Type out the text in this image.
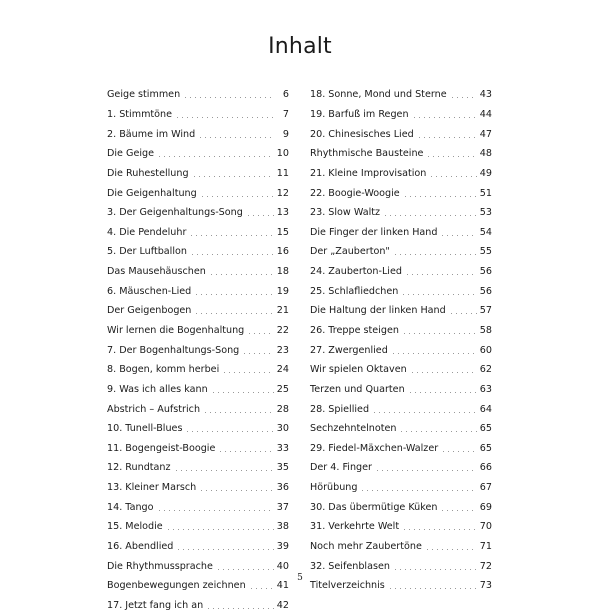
Inhalt
Geige stimmen	6
1. Stimmtöne	7
2. Bäume im Wind	9
Die Geige	10
Die Ruhestellung	11
Die Geigenhaltung	12
3. Der Geigenhaltungs-Song	13
4. Die Pendeluhr	15
5. Der Luftballon	16
Das Mausehäuschen	18
6. Mäuschen-Lied	19
Der Geigenbogen	21
Wir lernen die Bogenhaltung	22
7. Der Bogenhaltungs-Song	23
8. Bogen, komm herbei	24
9. Was ich alles kann	25
Abstrich – Aufstrich	28
10. Tunell-Blues	30
11. Bogengeist-Boogie	33
12. Rundtanz	35
13. Kleiner Marsch	36
14. Tango	37
15. Melodie	38
16. Abendlied	39
Die Rhythmussprache	40
Bogenbewegungen zeichnen	41
17. Jetzt fang ich an	42
18. Sonne, Mond und Sterne	43
19. Barfuß im Regen	44
20. Chinesisches Lied	47
Rhythmische Bausteine	48
21. Kleine Improvisation	49
22. Boogie-Woogie	51
23. Slow Waltz	53
Die Finger der linken Hand	54
Der „Zauberton"	55
24. Zauberton-Lied	56
25. Schlafliedchen	56
Die Haltung der linken Hand	57
26. Treppe steigen	58
27. Zwergenlied	60
Wir spielen Oktaven	62
Terzen und Quarten	63
28. Spiellied	64
Sechzehntelnoten	65
29. Fiedel-Mäxchen-Walzer	65
Der 4. Finger	66
Hörübung	67
30. Das übermütige Küken	69
31. Verkehrte Welt	70
Noch mehr Zaubertöne	71
32. Seifenblasen	72
Titelverzeichnis	73
5
